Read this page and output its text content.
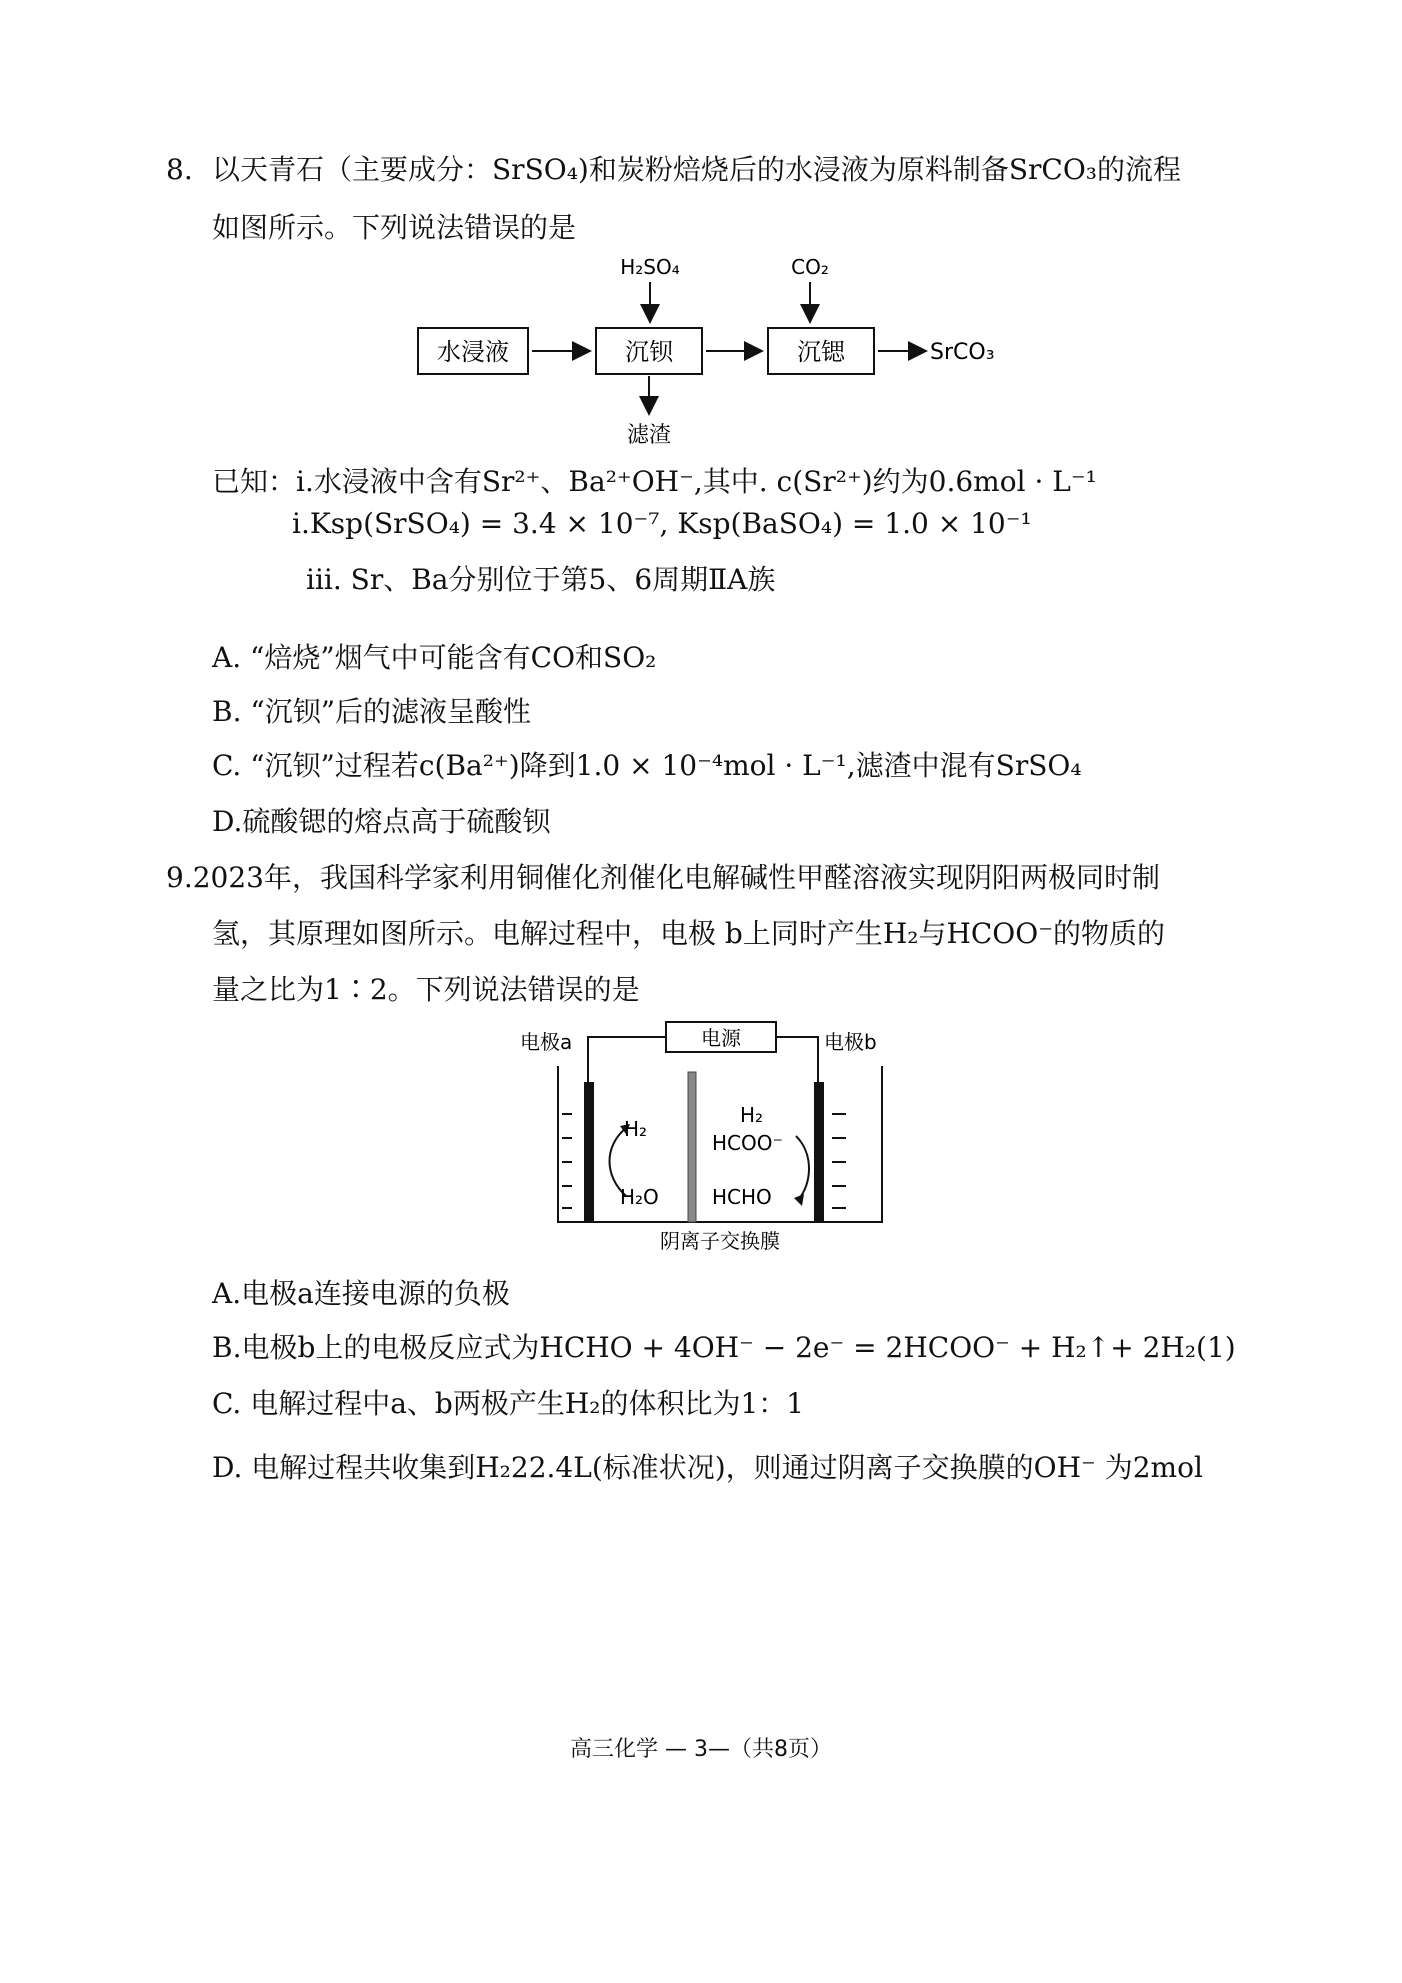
8. 以天青石（主要成分：SrSO₄)和炭粉焙烧后的水浸液为原料制备SrCO₃的流程
如图所示。下列说法错误的是
H₂SO₄	CO₂
水浸液	沉钡	沉锶	SrCO₃
滤渣
已知：i.水浸液中含有Sr²⁺、Ba²⁺OH⁻,其中. c(Sr²⁺)约为0.6mol · L⁻¹
i.Ksp(SrSO₄) = 3.4 × 10⁻⁷, Ksp(BaSO₄) = 1.0 × 10⁻¹
iii. Sr、Ba分别位于第5、6周期ⅡA族
A. “焙烧”烟气中可能含有CO和SO₂
B. “沉钡”后的滤液呈酸性
C. “沉钡”过程若c(Ba²⁺)降到1.0 × 10⁻⁴mol · L⁻¹,滤渣中混有SrSO₄
D.硫酸锶的熔点高于硫酸钡
9.2023年，我国科学家利用铜催化剂催化电解碱性甲醛溶液实现阴阳两极同时制
氢，其原理如图所示。电解过程中，电极 b上同时产生H₂与HCOO⁻的物质的
量之比为1∶2。下列说法错误的是
电源
电极a	电极b
H₂
H₂O
H₂
HCOO⁻
HCHO
阴离子交换膜
A.电极a连接电源的负极
B.电极b上的电极反应式为HCHO + 4OH⁻ − 2e⁻ = 2HCOO⁻ + H₂↑+ 2H₂(1)
C. 电解过程中a、b两极产生H₂的体积比为1：1
D. 电解过程共收集到H₂22.4L(标准状况)，则通过阴离子交换膜的OH⁻ 为2mol
高三化学 — 3—（共8页）
